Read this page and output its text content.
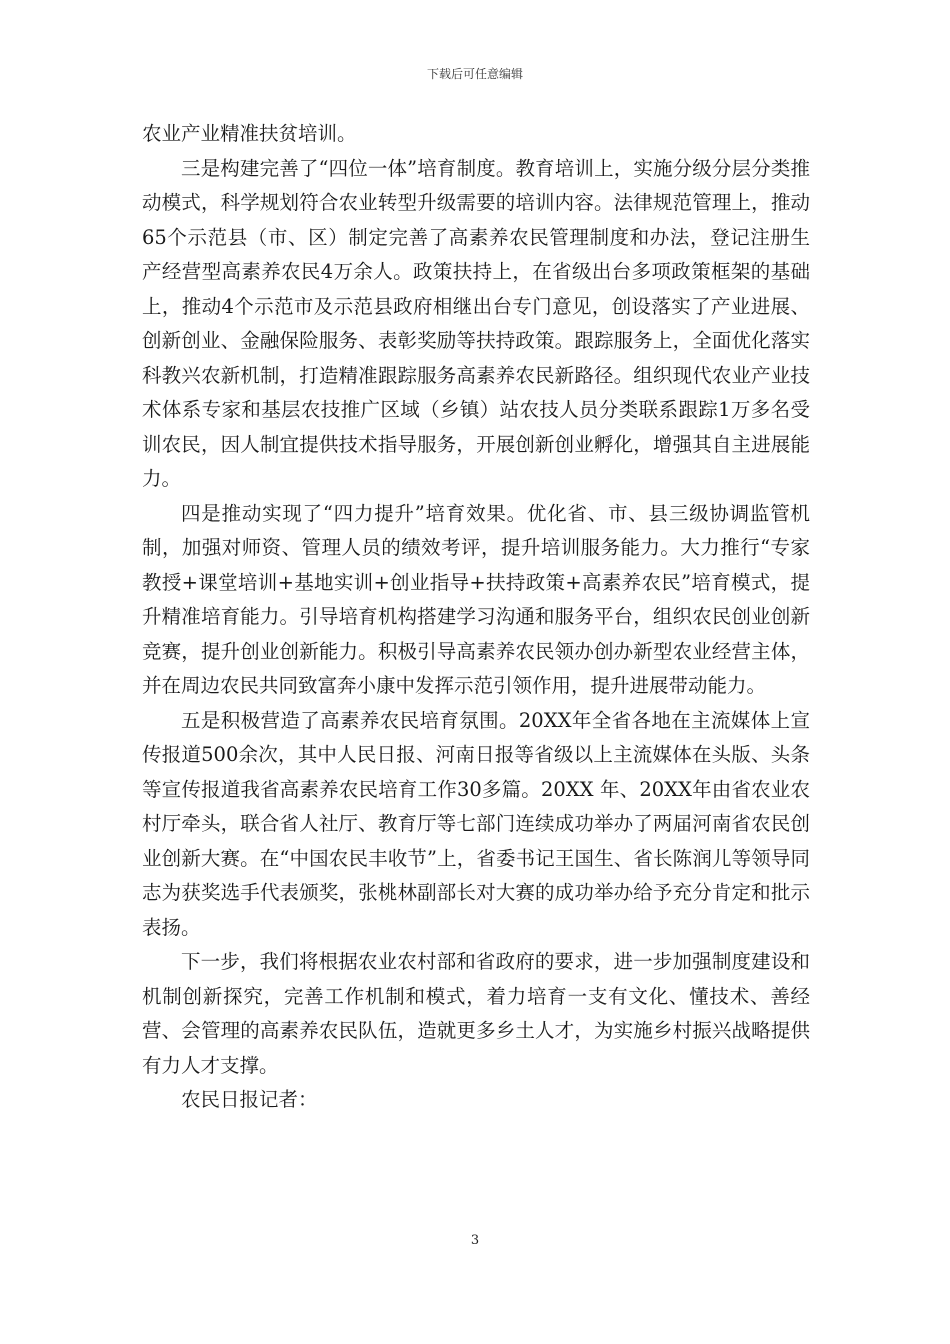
下载后可任意编辑

农业产业精准扶贫培训。

三是构建完善了“四位一体”培育制度。教育培训上，实施分级分层分类推动模式，科学规划符合农业转型升级需要的培训内容。法律规范管理上，推动65个示范县（市、区）制定完善了高素养农民管理制度和办法，登记注册生产经营型高素养农民4万余人。政策扶持上，在省级出台多项政策框架的基础上，推动4个示范市及示范县政府相继出台专门意见，创设落实了产业进展、创新创业、金融保险服务、表彰奖励等扶持政策。跟踪服务上，全面优化落实科教兴农新机制，打造精准跟踪服务高素养农民新路径。组织现代农业产业技术体系专家和基层农技推广区域（乡镇）站农技人员分类联系跟踪1万多名受训农民，因人制宜提供技术指导服务，开展创新创业孵化，增强其自主进展能力。

四是推动实现了“四力提升”培育效果。优化省、市、县三级协调监管机制，加强对师资、管理人员的绩效考评，提升培训服务能力。大力推行“专家教授+课堂培训+基地实训+创业指导+扶持政策+高素养农民”培育模式，提升精准培育能力。引导培育机构搭建学习沟通和服务平台，组织农民创业创新竞赛，提升创业创新能力。积极引导高素养农民领办创办新型农业经营主体，并在周边农民共同致富奔小康中发挥示范引领作用，提升进展带动能力。

五是积极营造了高素养农民培育氛围。20XX年全省各地在主流媒体上宣传报道500余次，其中人民日报、河南日报等省级以上主流媒体在头版、头条等宣传报道我省高素养农民培育工作30多篇。20XX 年、20XX年由省农业农村厅牵头，联合省人社厅、教育厅等七部门连续成功举办了两届河南省农民创业创新大赛。在“中国农民丰收节”上，省委书记王国生、省长陈润儿等领导同志为获奖选手代表颁奖，张桃林副部长对大赛的成功举办给予充分肯定和批示表扬。

下一步，我们将根据农业农村部和省政府的要求，进一步加强制度建设和机制创新探究，完善工作机制和模式，着力培育一支有文化、懂技术、善经营、会管理的高素养农民队伍，造就更多乡土人才，为实施乡村振兴战略提供有力人才支撑。

农民日报记者：

3
